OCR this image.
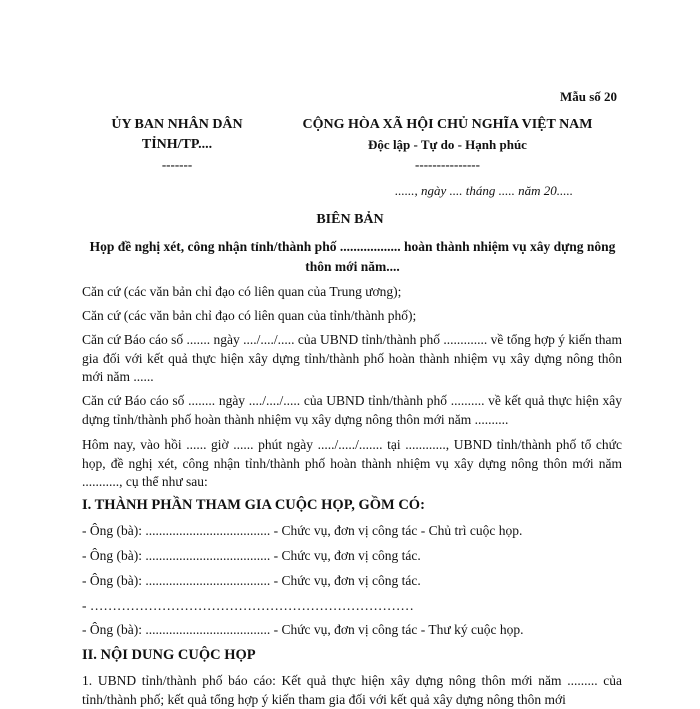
Mẫu số 20
ỦY BAN NHÂN DÂN
TỈNH/TP....
-------
CỘNG HÒA XÃ HỘI CHỦ NGHĨA VIỆT NAM
Độc lập - Tự do - Hạnh phúc
---------------
......, ngày .... tháng ..... năm 20.....
BIÊN BẢN
Họp đề nghị xét, công nhận tỉnh/thành phố .................. hoàn thành nhiệm vụ xây dựng nông thôn mới năm....
Căn cứ (các văn bản chỉ đạo có liên quan của Trung ương);
Căn cứ (các văn bản chỉ đạo có liên quan của tỉnh/thành phố);
Căn cứ Báo cáo số ....... ngày ..../..../..... của UBND tỉnh/thành phố ............. về tổng hợp ý kiến tham gia đối với kết quả thực hiện xây dựng tỉnh/thành phố hoàn thành nhiệm vụ xây dựng nông thôn mới năm ......
Căn cứ Báo cáo số ........ ngày ..../..../..... của UBND tỉnh/thành phố .......... về kết quả thực hiện xây dựng tỉnh/thành phố hoàn thành nhiệm vụ xây dựng nông thôn mới năm ..........
Hôm nay, vào hồi ...... giờ ...... phút ngày ...../...../....... tại ............, UBND tỉnh/thành phố tổ chức họp, đề nghị xét, công nhận tỉnh/thành phố hoàn thành nhiệm vụ xây dựng nông thôn mới năm ..........., cụ thể như sau:
I. THÀNH PHẦN THAM GIA CUỘC HỌP, GỒM CÓ:
- Ông (bà): ..................................... - Chức vụ, đơn vị công tác - Chủ trì cuộc họp.
- Ông (bà): ..................................... - Chức vụ, đơn vị công tác.
- Ông (bà): ..................................... - Chức vụ, đơn vị công tác.
- ………………………………………………………………
- Ông (bà): ..................................... - Chức vụ, đơn vị công tác - Thư ký cuộc họp.
II. NỘI DUNG CUỘC HỌP
1. UBND tỉnh/thành phố báo cáo: Kết quả thực hiện xây dựng nông thôn mới năm ......... của tỉnh/thành phố; kết quả tổng hợp ý kiến tham gia đối với kết quả xây dựng nông thôn mới
